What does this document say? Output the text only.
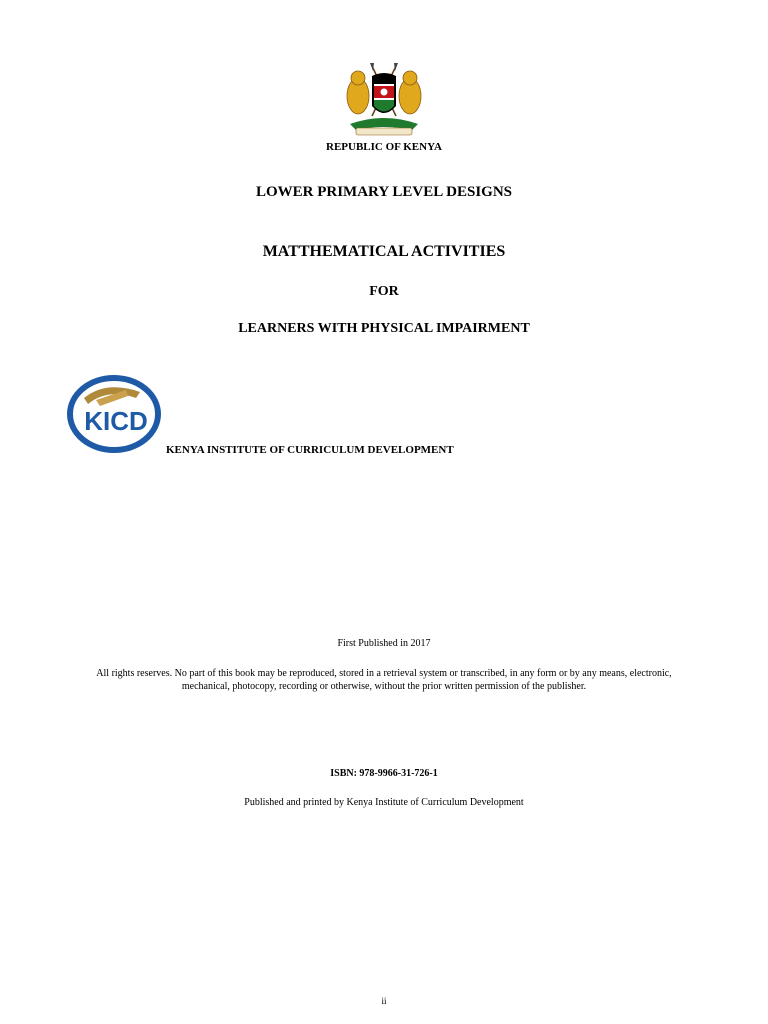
REPUBLIC OF KENYA
LOWER PRIMARY LEVEL DESIGNS
MATTHEMATICAL ACTIVITIES
FOR
LEARNERS WITH PHYSICAL IMPAIRMENT
KICD
KENYA INSTITUTE OF CURRICULUM DEVELOPMENT
First Published in 2017
All rights reserves. No part of this book may be reproduced, stored in a retrieval system or transcribed, in any form or by any means, electronic,
mechanical, photocopy, recording or otherwise, without the prior written permission of the publisher.
ISBN: 978-9966-31-726-1
Published and printed by Kenya Institute of Curriculum Development
ii
